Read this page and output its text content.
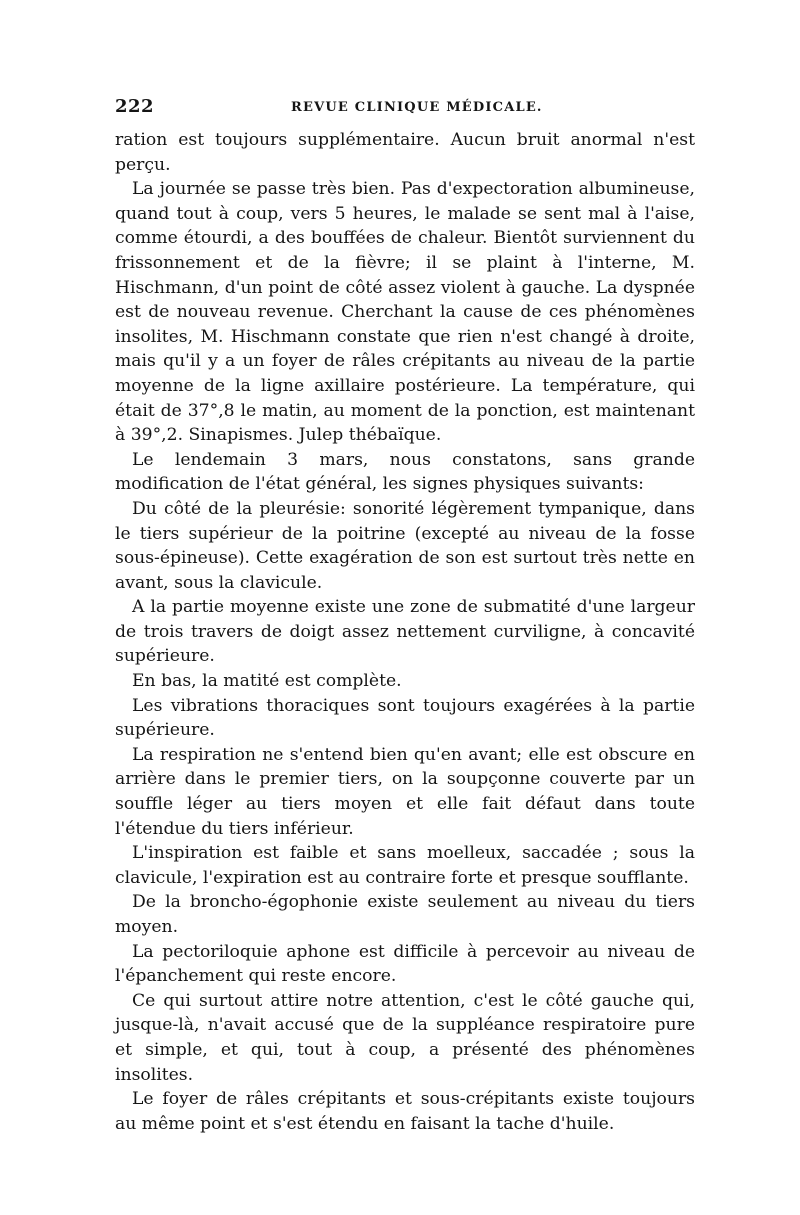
222	REVUE CLINIQUE MÉDICALE.

ration est toujours supplémentaire. Aucun bruit anormal n'est perçu.

La journée se passe très bien. Pas d'expectoration albumineuse, quand tout à coup, vers 5 heures, le malade se sent mal à l'aise, comme étourdi, a des bouffées de chaleur. Bientôt surviennent du frissonnement et de la fièvre; il se plaint à l'interne, M. Hischmann, d'un point de côté assez violent à gauche. La dyspnée est de nouveau revenue. Cherchant la cause de ces phénomènes insolites, M. Hischmann constate que rien n'est changé à droite, mais qu'il y a un foyer de râles crépitants au niveau de la partie moyenne de la ligne axillaire postérieure. La température, qui était de 37°,8 le matin, au moment de la ponction, est maintenant à 39°,2. Sinapismes. Julep thébaïque.

Le lendemain 3 mars, nous constatons, sans grande modification de l'état général, les signes physiques suivants:

Du côté de la pleurésie: sonorité légèrement tympanique, dans le tiers supérieur de la poitrine (excepté au niveau de la fosse sous-épineuse). Cette exagération de son est surtout très nette en avant, sous la clavicule.

A la partie moyenne existe une zone de submatité d'une largeur de trois travers de doigt assez nettement curviligne, à concavité supérieure.

En bas, la matité est complète.

Les vibrations thoraciques sont toujours exagérées à la partie supérieure.

La respiration ne s'entend bien qu'en avant; elle est obscure en arrière dans le premier tiers, on la soupçonne couverte par un souffle léger au tiers moyen et elle fait défaut dans toute l'étendue du tiers inférieur.

L'inspiration est faible et sans moelleux, saccadée ; sous la clavicule, l'expiration est au contraire forte et presque soufflante.

De la broncho-égophonie existe seulement au niveau du tiers moyen.

La pectoriloquie aphone est difficile à percevoir au niveau de l'épanchement qui reste encore.

Ce qui surtout attire notre attention, c'est le côté gauche qui, jusque-là, n'avait accusé que de la suppléance respiratoire pure et simple, et qui, tout à coup, a présenté des phénomènes insolites.

Le foyer de râles crépitants et sous-crépitants existe toujours au même point et s'est étendu en faisant la tache d'huile.
